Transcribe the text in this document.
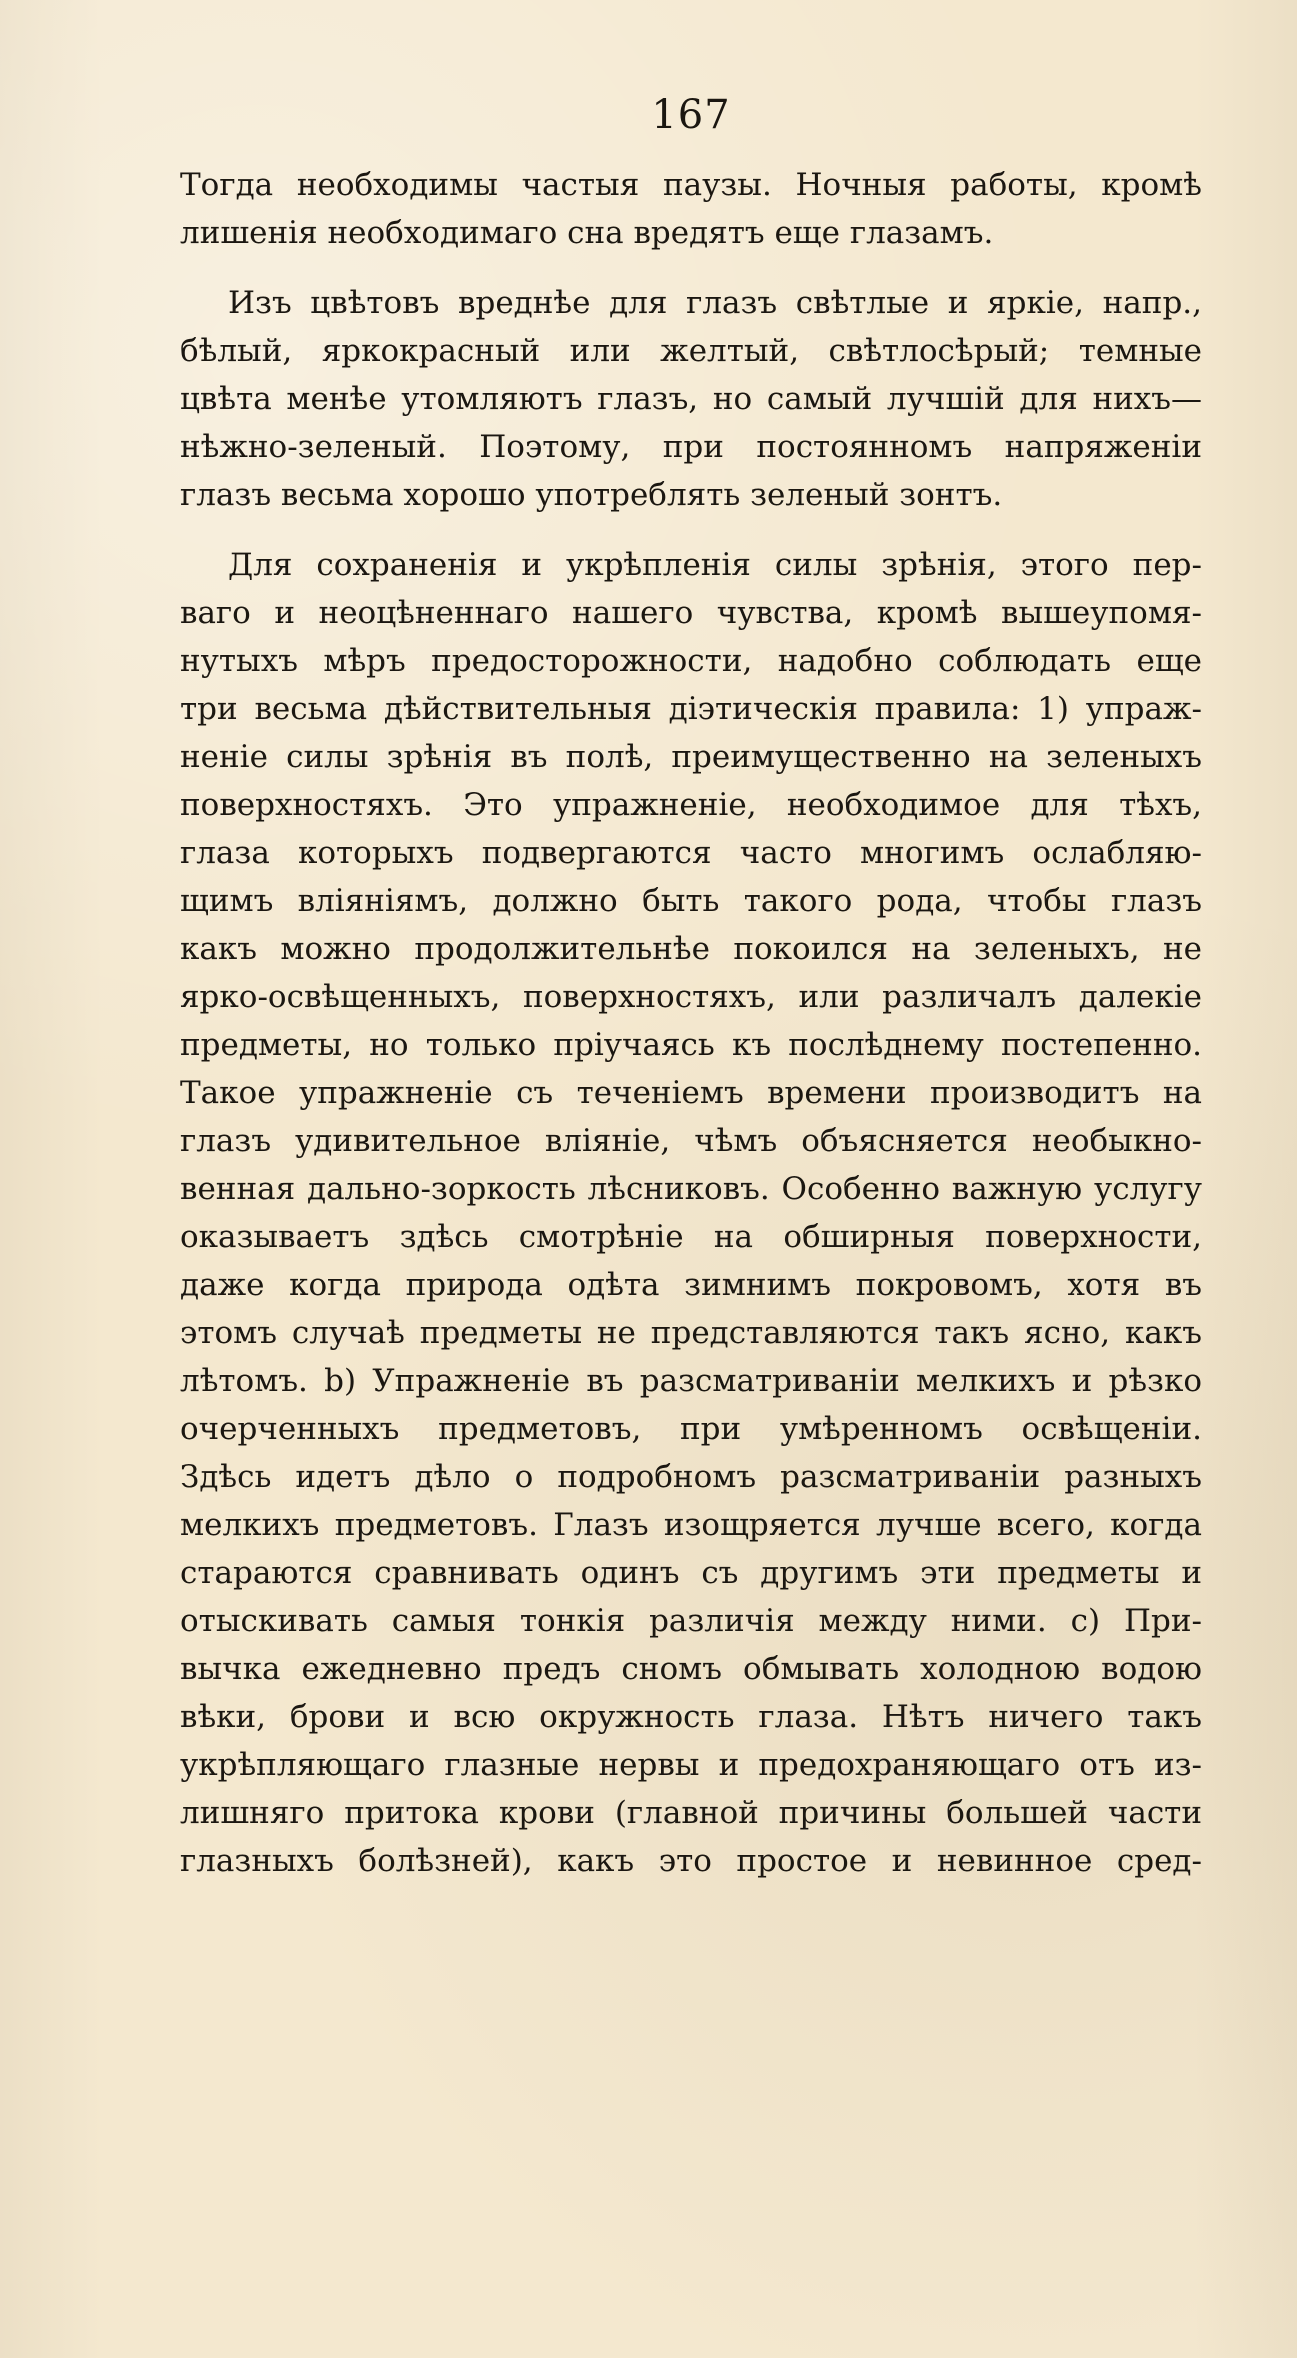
167
Тогда необходимы частыя паузы. Ночныя работы, кромѣ
лишенія необходимаго сна вредятъ еще глазамъ.
Изъ цвѣтовъ вреднѣе для глазъ свѣтлые и яркіе, напр.,
бѣлый, яркокрасный или желтый, свѣтлосѣрый; темные
цвѣта менѣе утомляютъ глазъ, но самый лучшій для нихъ—
нѣжно-зеленый. Поэтому, при постоянномъ напряженіи
глазъ весьма хорошо употреблять зеленый зонтъ.
Для сохраненія и укрѣпленія силы зрѣнія, этого пер-
ваго и неоцѣненнаго нашего чувства, кромѣ вышеупомя-
нутыхъ мѣръ предосторожности, надобно соблюдать еще
три весьма дѣйствительныя діэтическія правила: 1) упраж-
неніе силы зрѣнія въ полѣ, преимущественно на зеленыхъ
поверхностяхъ. Это упражненіе, необходимое для тѣхъ,
глаза которыхъ подвергаются часто многимъ ослабляю-
щимъ вліяніямъ, должно быть такого рода, чтобы глазъ
какъ можно продолжительнѣе покоился на зеленыхъ, не
ярко-освѣщенныхъ, поверхностяхъ, или различалъ далекіе
предметы, но только пріучаясь къ послѣднему постепенно.
Такое упражненіе съ теченіемъ времени производитъ на
глазъ удивительное вліяніе, чѣмъ объясняется необыкно-
венная дально-зоркость лѣсниковъ. Особенно важную услугу
оказываетъ здѣсь смотрѣніе на обширныя поверхности,
даже когда природа одѣта зимнимъ покровомъ, хотя въ
этомъ случаѣ предметы не представляются такъ ясно, какъ
лѣтомъ. b) Упражненіе въ разсматриваніи мелкихъ и рѣзко
очерченныхъ предметовъ, при умѣренномъ освѣщеніи.
Здѣсь идетъ дѣло о подробномъ разсматриваніи разныхъ
мелкихъ предметовъ. Глазъ изощряется лучше всего, когда
стараются сравнивать одинъ съ другимъ эти предметы и
отыскивать самыя тонкія различія между ними. с) При-
вычка ежедневно предъ сномъ обмывать холодною водою
вѣки, брови и всю окружность глаза. Нѣтъ ничего такъ
укрѣпляющаго глазные нервы и предохраняющаго отъ из-
лишняго притока крови (главной причины большей части
глазныхъ болѣзней), какъ это простое и невинное сред-
